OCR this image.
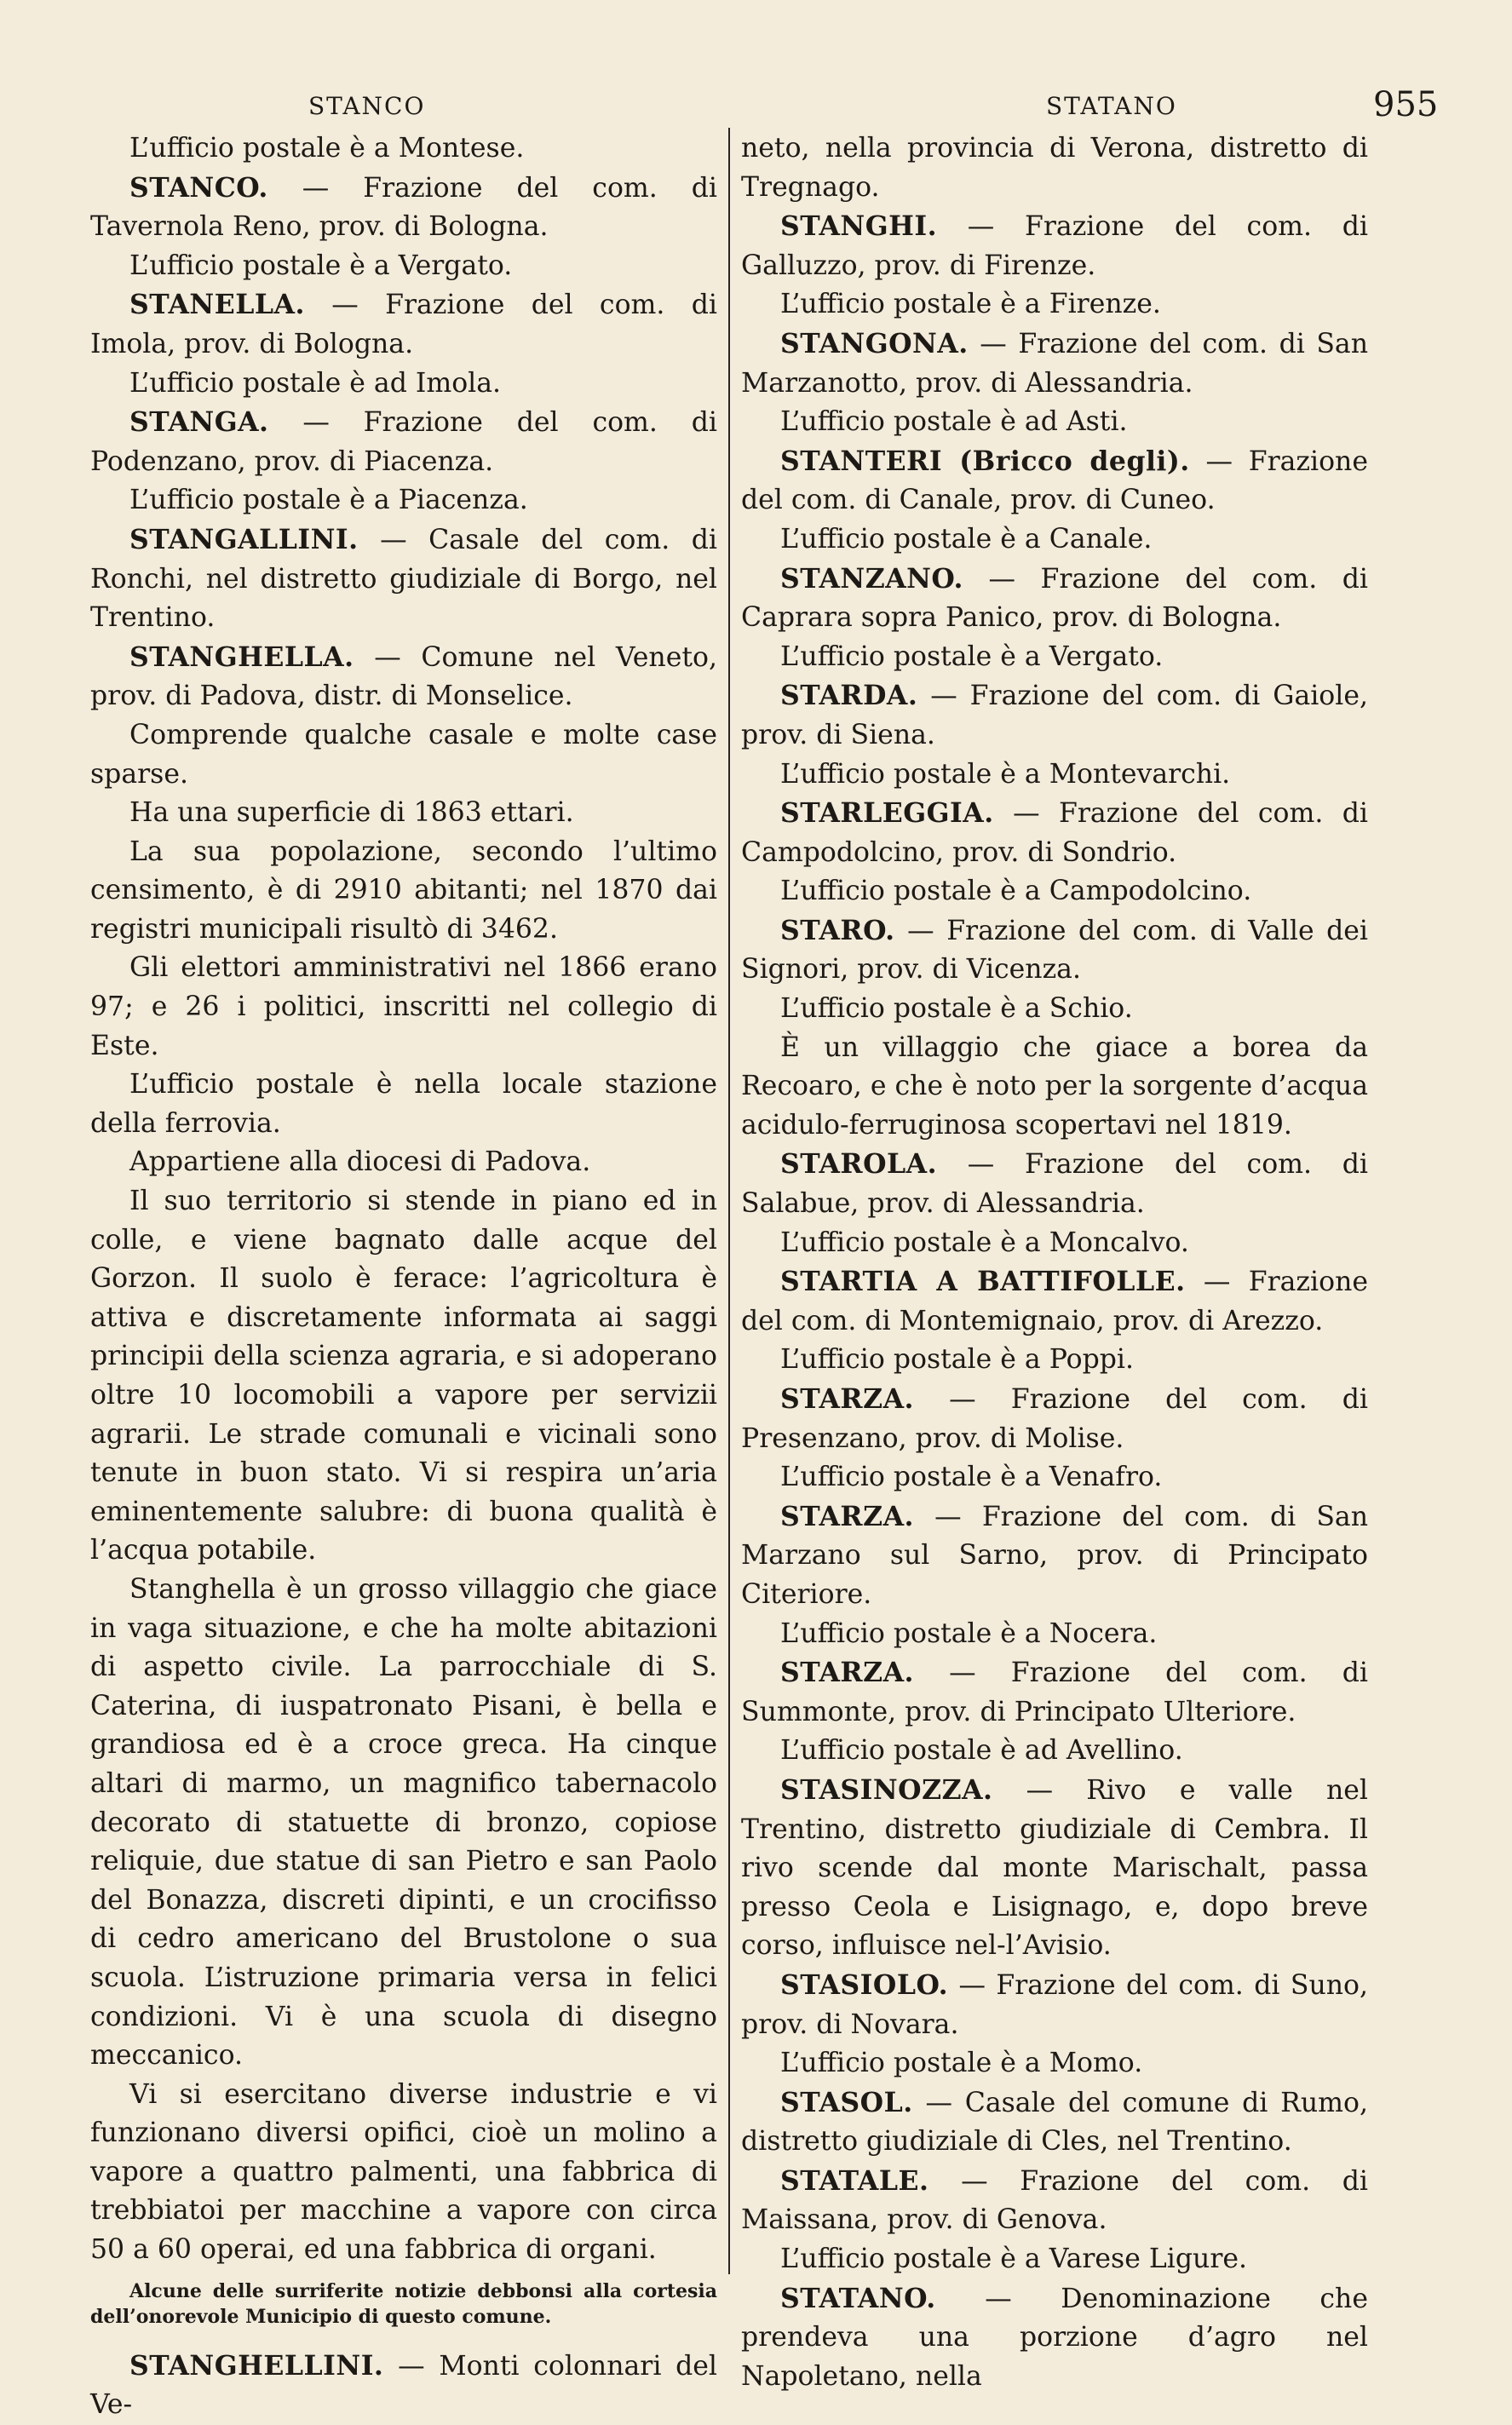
STANCO	STATANO	955

L’ufficio postale è a Montese.

STANCO. — Frazione del com. di Tavernola Reno, prov. di Bologna.

L’ufficio postale è a Vergato.

STANELLA. — Frazione del com. di Imola, prov. di Bologna.

L’ufficio postale è ad Imola.

STANGA. — Frazione del com. di Podenzano, prov. di Piacenza.

L’ufficio postale è a Piacenza.

STANGALLINI. — Casale del com. di Ronchi, nel distretto giudiziale di Borgo, nel Trentino.

STANGHELLA. — Comune nel Veneto, prov. di Padova, distr. di Monselice.

Comprende qualche casale e molte case sparse.

Ha una superficie di 1863 ettari.

La sua popolazione, secondo l’ultimo censimento, è di 2910 abitanti; nel 1870 dai registri municipali risultò di 3462.

Gli elettori amministrativi nel 1866 erano 97; e 26 i politici, inscritti nel collegio di Este.

L’ufficio postale è nella locale stazione della ferrovia.

Appartiene alla diocesi di Padova.

Il suo territorio si stende in piano ed in colle, e viene bagnato dalle acque del Gorzon. Il suolo è ferace: l’agricoltura è attiva e discretamente informata ai saggi principii della scienza agraria, e si adoperano oltre 10 locomobili a vapore per servizii agrarii. Le strade comunali e vicinali sono tenute in buon stato. Vi si respira un’aria eminentemente salubre: di buona qualità è l’acqua potabile.

Stanghella è un grosso villaggio che giace in vaga situazione, e che ha molte abitazioni di aspetto civile. La parrocchiale di S. Caterina, di iuspatronato Pisani, è bella e grandiosa ed è a croce greca. Ha cinque altari di marmo, un magnifico tabernacolo decorato di statuette di bronzo, copiose reliquie, due statue di san Pietro e san Paolo del Bonazza, discreti dipinti, e un crocifisso di cedro americano del Brustolone o sua scuola. L’istruzione primaria versa in felici condizioni. Vi è una scuola di disegno meccanico.

Vi si esercitano diverse industrie e vi funzionano diversi opifici, cioè un molino a vapore a quattro palmenti, una fabbrica di trebbiatoi per macchine a vapore con circa 50 a 60 operai, ed una fabbrica di organi.

Alcune delle surriferite notizie debbonsi alla cortesia dell’onorevole Municipio di questo comune.

STANGHELLINI. — Monti colonnari del Ve-

neto, nella provincia di Verona, distretto di Tregnago.

STANGHI. — Frazione del com. di Galluzzo, prov. di Firenze.

L’ufficio postale è a Firenze.

STANGONA. — Frazione del com. di San Marzanotto, prov. di Alessandria.

L’ufficio postale è ad Asti.

STANTERI (Bricco degli). — Frazione del com. di Canale, prov. di Cuneo.

L’ufficio postale è a Canale.

STANZANO. — Frazione del com. di Caprara sopra Panico, prov. di Bologna.

L’ufficio postale è a Vergato.

STARDA. — Frazione del com. di Gaiole, prov. di Siena.

L’ufficio postale è a Montevarchi.

STARLEGGIA. — Frazione del com. di Campodolcino, prov. di Sondrio.

L’ufficio postale è a Campodolcino.

STARO. — Frazione del com. di Valle dei Signori, prov. di Vicenza.

L’ufficio postale è a Schio.

È un villaggio che giace a borea da Recoaro, e che è noto per la sorgente d’acqua acidulo-ferruginosa scopertavi nel 1819.

STAROLA. — Frazione del com. di Salabue, prov. di Alessandria.

L’ufficio postale è a Moncalvo.

STARTIA A BATTIFOLLE. — Frazione del com. di Montemignaio, prov. di Arezzo.

L’ufficio postale è a Poppi.

STARZA. — Frazione del com. di Presenzano, prov. di Molise.

L’ufficio postale è a Venafro.

STARZA. — Frazione del com. di San Marzano sul Sarno, prov. di Principato Citeriore.

L’ufficio postale è a Nocera.

STARZA. — Frazione del com. di Summonte, prov. di Principato Ulteriore.

L’ufficio postale è ad Avellino.

STASINOZZA. — Rivo e valle nel Trentino, distretto giudiziale di Cembra. Il rivo scende dal monte Marischalt, passa presso Ceola e Lisignago, e, dopo breve corso, influisce nel-l’Avisio.

STASIOLO. — Frazione del com. di Suno, prov. di Novara.

L’ufficio postale è a Momo.

STASOL. — Casale del comune di Rumo, distretto giudiziale di Cles, nel Trentino.

STATALE. — Frazione del com. di Maissana, prov. di Genova.

L’ufficio postale è a Varese Ligure.

STATANO. — Denominazione che prendeva una porzione d’agro nel Napoletano, nella
